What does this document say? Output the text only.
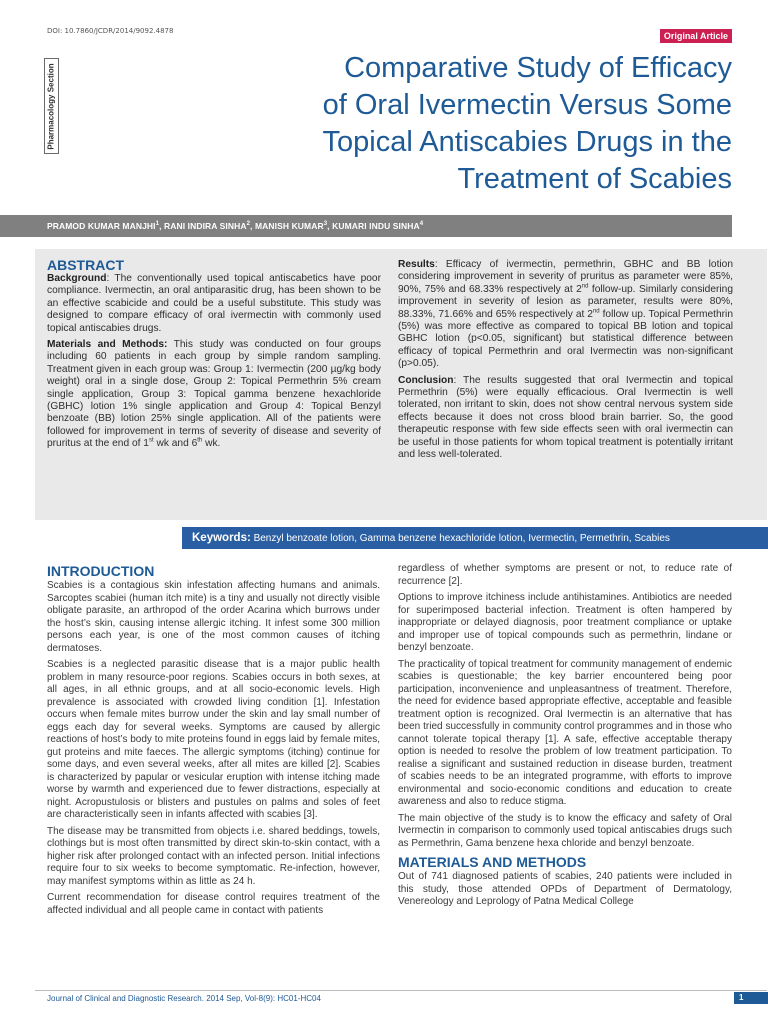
DOI: 10.7860/JCDR/2014/9092.4878	Original Article
Pharmacology Section	Comparative Study of Efficacy
of Oral Ivermectin Versus Some
Topical Antiscabies Drugs in the
Treatment of Scabies
PRAMOD KUMAR MANJHI$^1$, RANI INDIRA SINHA$^2$, MANISH KUMAR$^3$, KUMARI INDU SINHA$^4$
ABSTRACT

Background: The conventionally used topical antiscabetics have poor compliance. Ivermectin, an oral antiparasitic drug, has been shown to be an effective scabicide and could be a useful substitute. This study was designed to compare efficacy of oral ivermectin with commonly used topical antiscabies drugs.

Materials and Methods: This study was conducted on four groups including 60 patients in each group by simple random sampling. Treatment given in each group was: Group 1: Ivermectin (200 µg/kg body weight) oral in a single dose, Group 2: Topical Permethrin 5% cream single application, Group 3: Topical gamma benzene hexachloride (GBHC) lotion 1% single application and Group 4: Topical Benzyl benzoate (BB) lotion 25% single application. All of the patients were followed for improvement in terms of severity of disease and severity of pruritus at the end of 1st wk and 6th wk.

Results: Efficacy of ivermectin, permethrin, GBHC and BB lotion considering improvement in severity of pruritus as parameter were 85%, 90%, 75% and 68.33% respectively at 2nd follow-up. Similarly considering improvement in severity of lesion as parameter, results were 80%, 88.33%, 71.66% and 65% respectively at 2nd follow up. Topical Permethrin (5%) was more effective as compared to topical BB lotion and topical GBHC lotion (p<0.05, significant) but statistical difference between efficacy of topical Permethrin and oral Ivermectin was non-significant (p>0.05).

Conclusion: The results suggested that oral Ivermectin and topical Permethrin (5%) were equally efficacious. Oral Ivermectin is well tolerated, non irritant to skin, does not show central nervous system side effects because it does not cross blood brain barrier. So, the good therapeutic response with few side effects seen with oral ivermectin can be useful in those patients for whom topical treatment is potentially irritant and less well-tolerated.

Keywords: Benzyl benzoate lotion, Gamma benzene hexachloride lotion, Ivermectin, Permethrin, Scabies
INTRODUCTION

Scabies is a contagious skin infestation affecting humans and animals. Sarcoptes scabiei (human itch mite) is a tiny and usually not directly visible obligate parasite, an arthropod of the order Acarina which burrows under the host’s skin, causing intense allergic itching. It infest some 300 million persons each year, is one of the most common causes of itching dermatoses.

Scabies is a neglected parasitic disease that is a major public health problem in many resource-poor regions. Scabies occurs in both sexes, at all ages, in all ethnic groups, and at all socio-economic levels. High prevalence is associated with crowded living condition [1]. Infestation occurs when female mites burrow under the skin and lay small number of eggs each day for several weeks. Symptoms are caused by allergic reactions of host’s body to mite proteins found in eggs laid by female mites, gut proteins and mite faeces. The allergic symptoms (itching) continue for some days, and even several weeks, after all mites are killed [2]. Scabies is characterized by papular or vesicular eruption with intense itching made worse by warmth and experienced due to fewer distractions, especially at night. Acropustulosis or blisters and pustules on palms and soles of feet are characteristically seen in infants affected with scabies [3].

The disease may be transmitted from objects i.e. shared beddings, towels, clothings but is most often transmitted by direct skin-to-skin contact, with a higher risk after prolonged contact with an infected person. Initial infections require four to six weeks to become symptomatic. Re-infection, however, may manifest symptoms within as little as 24 h.

Current recommendation for disease control requires treatment of the affected individual and all people came in contact with patients

regardless of whether symptoms are present or not, to reduce rate of recurrence [2].

Options to improve itchiness include antihistamines. Antibiotics are needed for superimposed bacterial infection. Treatment is often hampered by inappropriate or delayed diagnosis, poor treatment compliance or uptake and improper use of topical compounds such as permethrin, lindane or benzyl benzoate.

The practicality of topical treatment for community management of endemic scabies is questionable; the key barrier encountered being poor participation, inconvenience and unpleasantness of treatment. Therefore, the need for evidence based appropriate effective, acceptable and feasible treatment option is recognized. Oral Ivermectin is an alternative that has been tried successfully in community control programmes and in those who cannot tolerate topical therapy [1]. A safe, effective acceptable therapy option is needed to resolve the problem of low treatment participation. To realise a significant and sustained reduction in disease burden, treatment of scabies needs to be an integrated programme, with efforts to improve environmental and socio-economic conditions and education to create awareness and also to reduce stigma.

The main objective of the study is to know the efficacy and safety of Oral Ivermectin in comparison to commonly used topical antiscabies drugs such as Permethrin, Gama benzene hexa chloride and benzyl benzoate.

MATERIALS AND METHODS

Out of 741 diagnosed patients of scabies, 240 patients were included in this study, those attended OPDs of Department of Dermatology, Venereology and Leprology of Patna Medical College

Journal of Clinical and Diagnostic Research. 2014 Sep, Vol-8(9): HC01-HC04	1
